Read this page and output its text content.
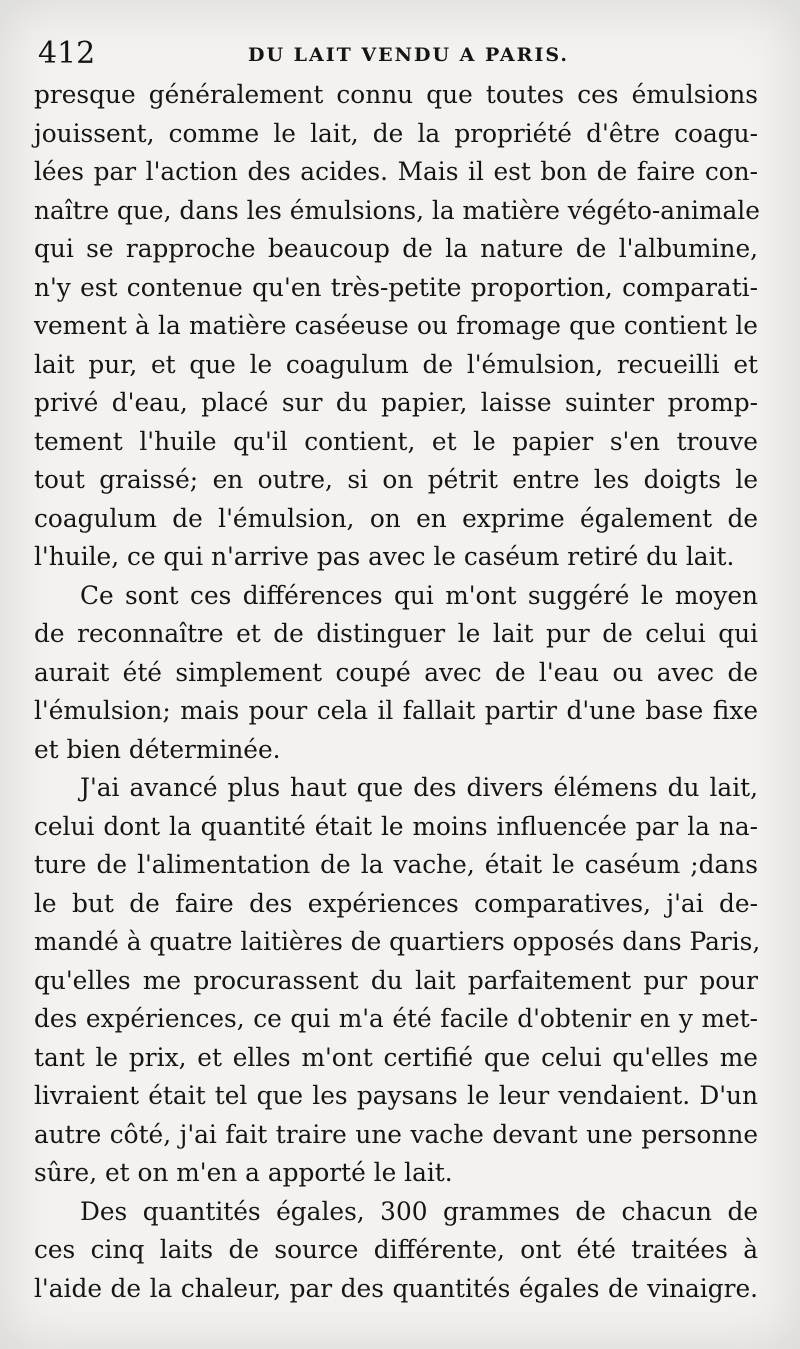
412	DU LAIT VENDU A PARIS.
presque généralement connu que toutes ces émulsions
jouissent, comme le lait, de la propriété d'être coagu-
lées par l'action des acides. Mais il est bon de faire con-
naître que, dans les émulsions, la matière végéto-animale
qui se rapproche beaucoup de la nature de l'albumine,
n'y est contenue qu'en très-petite proportion, comparati-
vement à la matière caséeuse ou fromage que contient le
lait pur, et que le coagulum de l'émulsion, recueilli et
privé d'eau, placé sur du papier, laisse suinter promp-
tement l'huile qu'il contient, et le papier s'en trouve
tout graissé; en outre, si on pétrit entre les doigts le
coagulum de l'émulsion, on en exprime également de
l'huile, ce qui n'arrive pas avec le caséum retiré du lait.
Ce sont ces différences qui m'ont suggéré le moyen
de reconnaître et de distinguer le lait pur de celui qui
aurait été simplement coupé avec de l'eau ou avec de
l'émulsion; mais pour cela il fallait partir d'une base fixe
et bien déterminée.
J'ai avancé plus haut que des divers élémens du lait,
celui dont la quantité était le moins influencée par la na-
ture de l'alimentation de la vache, était le caséum ;dans
le but de faire des expériences comparatives, j'ai de-
mandé à quatre laitières de quartiers opposés dans Paris,
qu'elles me procurassent du lait parfaitement pur pour
des expériences, ce qui m'a été facile d'obtenir en y met-
tant le prix, et elles m'ont certifié que celui qu'elles me
livraient était tel que les paysans le leur vendaient. D'un
autre côté, j'ai fait traire une vache devant une personne
sûre, et on m'en a apporté le lait.
Des quantités égales, 300 grammes de chacun de
ces cinq laits de source différente, ont été traitées à
l'aide de la chaleur, par des quantités égales de vinaigre.
